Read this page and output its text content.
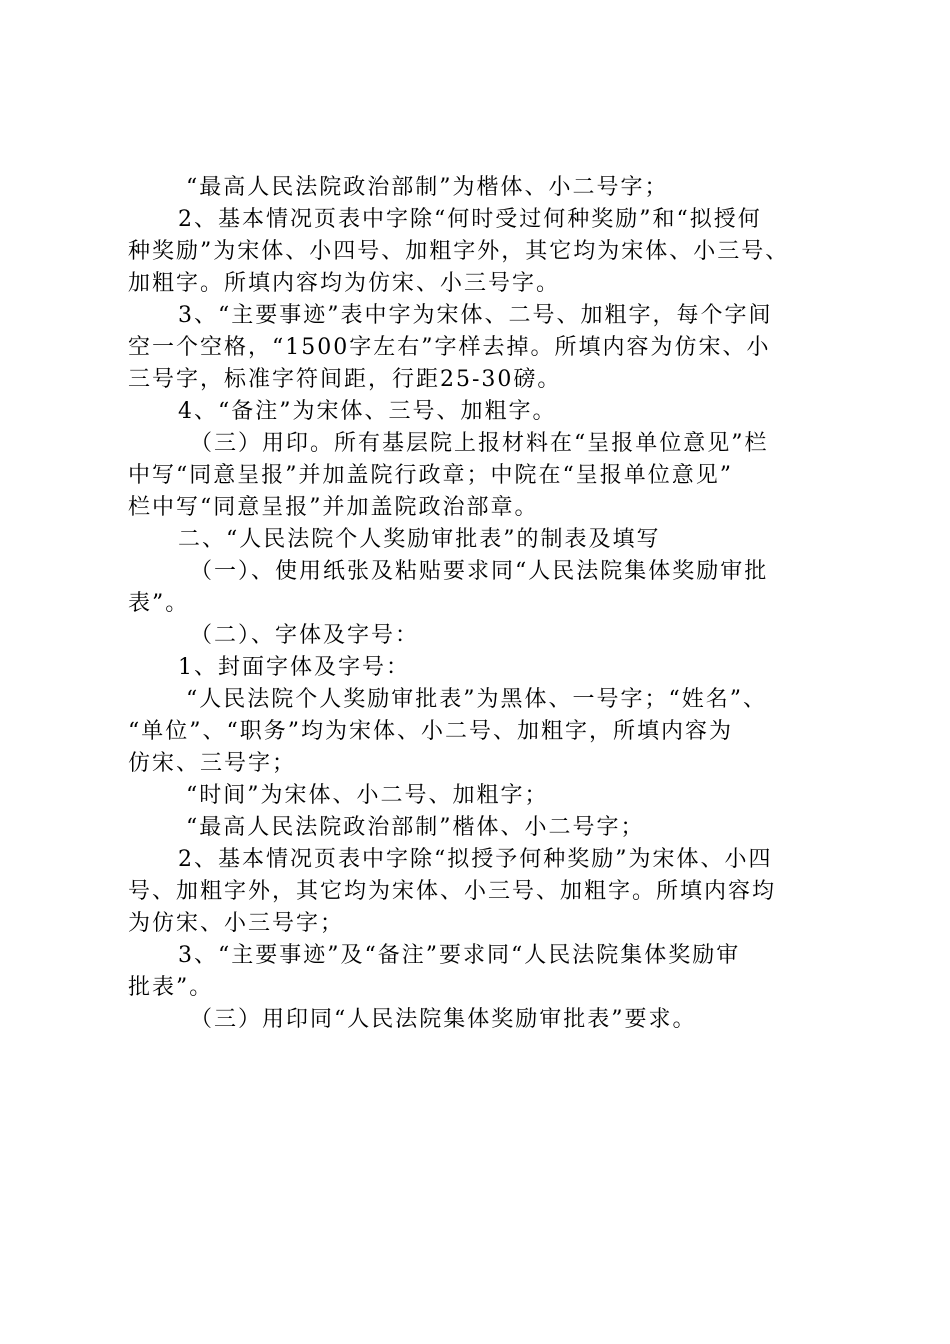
“最高人民法院政治部制”为楷体、小二号字；
2、基本情况页表中字除“何时受过何种奖励”和“拟授何
种奖励”为宋体、小四号、加粗字外，其它均为宋体、小三号、
加粗字。所填内容均为仿宋、小三号字。
3、“主要事迹”表中字为宋体、二号、加粗字，每个字间
空一个空格，“1500字左右”字样去掉。所填内容为仿宋、小
三号字，标准字符间距，行距25-30磅。
4、“备注”为宋体、三号、加粗字。
（三）用印。所有基层院上报材料在“呈报单位意见”栏
中写“同意呈报”并加盖院行政章；中院在“呈报单位意见”
栏中写“同意呈报”并加盖院政治部章。
二、“人民法院个人奖励审批表”的制表及填写
（一）、使用纸张及粘贴要求同“人民法院集体奖励审批
表”。
（二）、字体及字号：
1、封面字体及字号：
“人民法院个人奖励审批表”为黑体、一号字；“姓名”、
“单位”、“职务”均为宋体、小二号、加粗字，所填内容为
仿宋、三号字；
“时间”为宋体、小二号、加粗字；
“最高人民法院政治部制”楷体、小二号字；
2、基本情况页表中字除“拟授予何种奖励”为宋体、小四
号、加粗字外，其它均为宋体、小三号、加粗字。所填内容均
为仿宋、小三号字；
3、“主要事迹”及“备注”要求同“人民法院集体奖励审
批表”。
（三）用印同“人民法院集体奖励审批表”要求。
